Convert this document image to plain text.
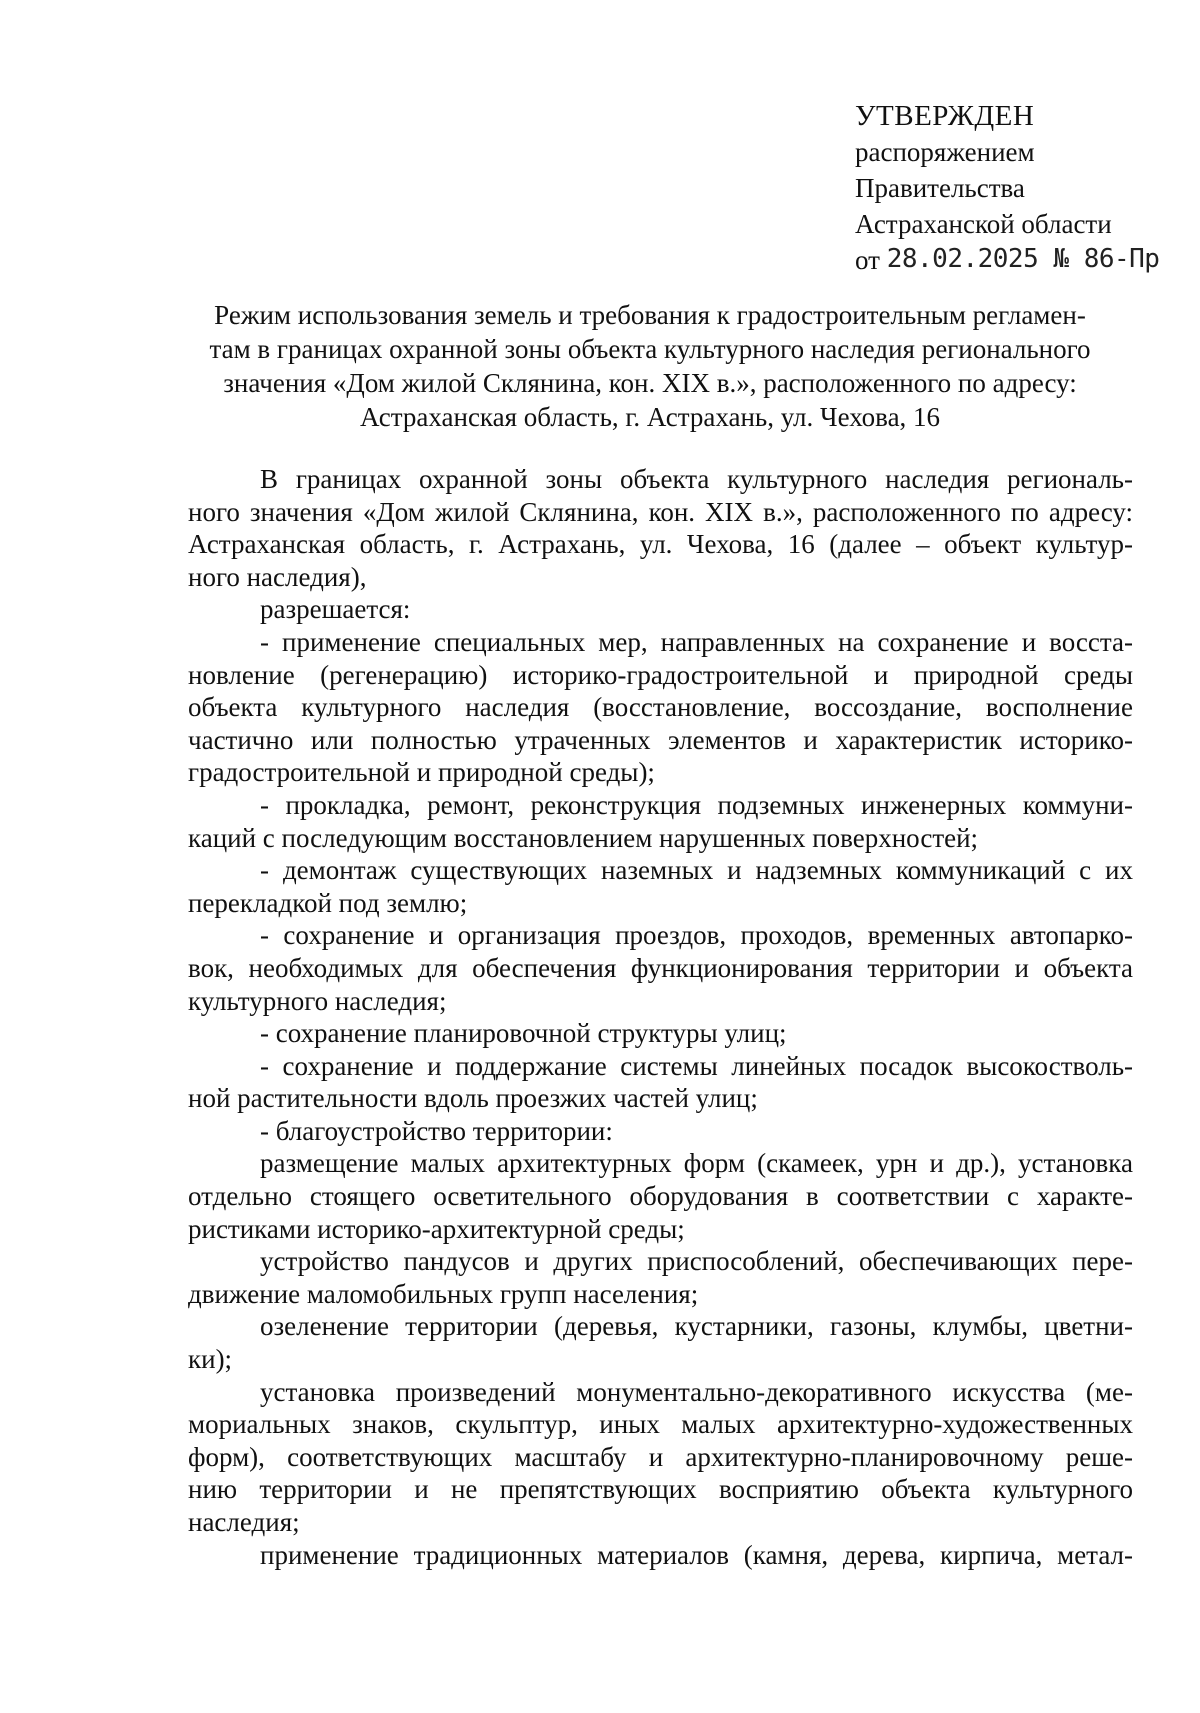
УТВЕРЖДЕН
распоряжением
Правительства
Астраханской области
от 28.02.2025 № 86-Пр
Режим использования земель и требования к градостроительным регламен-
там в границах охранной зоны объекта культурного наследия регионального
значения «Дом жилой Склянина, кон. XIX в.», расположенного по адресу:
Астраханская область, г. Астрахань, ул. Чехова, 16
В границах охранной зоны объекта культурного наследия региональ-
ного значения «Дом жилой Склянина, кон. XIX в.», расположенного по адресу:
Астраханская область, г. Астрахань, ул. Чехова, 16 (далее – объект культур-
ного наследия),
разрешается:
- применение специальных мер, направленных на сохранение и восста-
новление (регенерацию) историко-градостроительной и природной среды
объекта культурного наследия (восстановление, воссоздание, восполнение
частично или полностью утраченных элементов и характеристик историко-
градостроительной и природной среды);
- прокладка, ремонт, реконструкция подземных инженерных коммуни-
каций с последующим восстановлением нарушенных поверхностей;
- демонтаж существующих наземных и надземных коммуникаций с их
перекладкой под землю;
- сохранение и организация проездов, проходов, временных автопарко-
вок, необходимых для обеспечения функционирования территории и объекта
культурного наследия;
- сохранение планировочной структуры улиц;
- сохранение и поддержание системы линейных посадок высокостволь-
ной растительности вдоль проезжих частей улиц;
- благоустройство территории:
размещение малых архитектурных форм (скамеек, урн и др.), установка
отдельно стоящего осветительного оборудования в соответствии с характе-
ристиками историко-архитектурной среды;
устройство пандусов и других приспособлений, обеспечивающих пере-
движение маломобильных групп населения;
озеленение территории (деревья, кустарники, газоны, клумбы, цветни-
ки);
установка произведений монументально-декоративного искусства (ме-
мориальных знаков, скульптур, иных малых архитектурно-художественных
форм), соответствующих масштабу и архитектурно-планировочному реше-
нию территории и не препятствующих восприятию объекта культурного
наследия;
применение традиционных материалов (камня, дерева, кирпича, метал-
